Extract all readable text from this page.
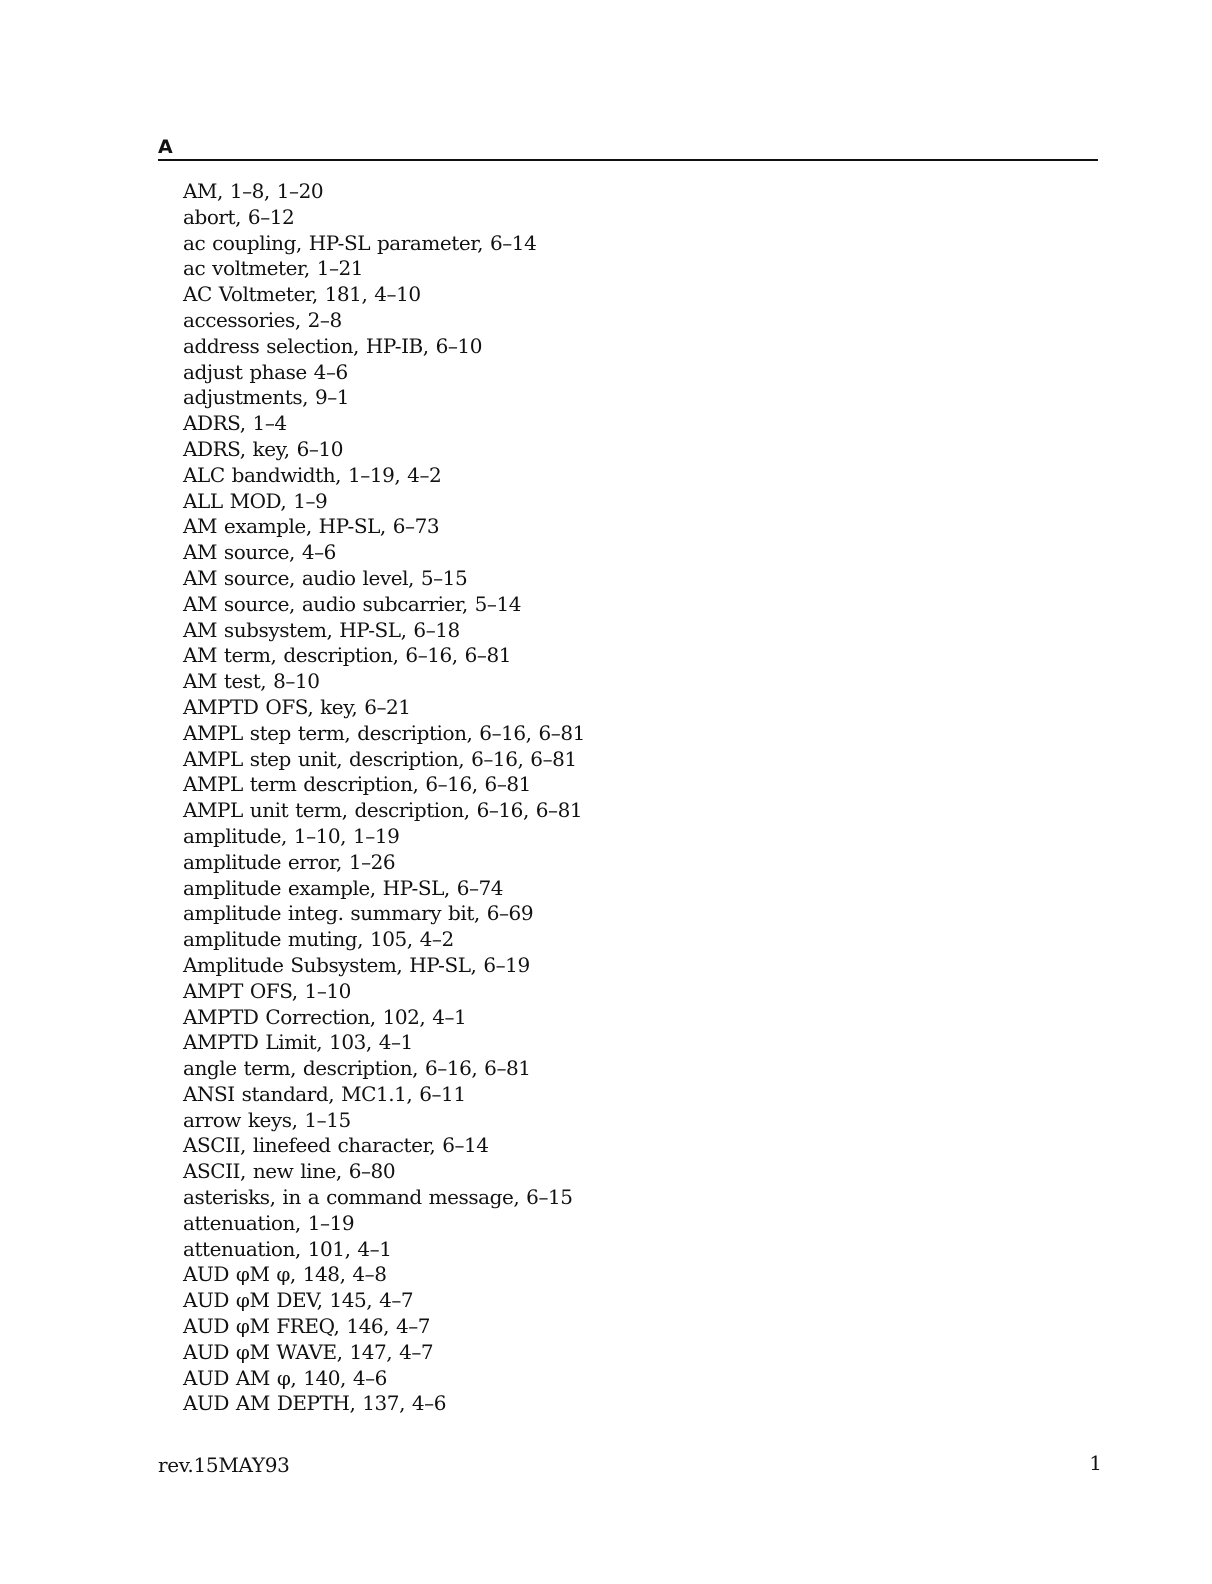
A
AM, 1–8, 1–20
abort, 6–12
ac coupling, HP-SL parameter, 6–14
ac voltmeter, 1–21
AC Voltmeter, 181, 4–10
accessories, 2–8
address selection, HP-IB, 6–10
adjust phase 4–6
adjustments, 9–1
ADRS, 1–4
ADRS, key, 6–10
ALC bandwidth, 1–19, 4–2
ALL MOD, 1–9
AM example, HP-SL, 6–73
AM source, 4–6
AM source, audio level, 5–15
AM source, audio subcarrier, 5–14
AM subsystem, HP-SL, 6–18
AM term, description, 6–16, 6–81
AM test, 8–10
AMPTD OFS, key, 6–21
AMPL step term, description, 6–16, 6–81
AMPL step unit, description, 6–16, 6–81
AMPL term description, 6–16, 6–81
AMPL unit term, description, 6–16, 6–81
amplitude, 1–10, 1–19
amplitude error, 1–26
amplitude example, HP-SL, 6–74
amplitude integ. summary bit, 6–69
amplitude muting, 105, 4–2
Amplitude Subsystem, HP-SL, 6–19
AMPT OFS, 1–10
AMPTD Correction, 102, 4–1
AMPTD Limit, 103, 4–1
angle term, description, 6–16, 6–81
ANSI standard, MC1.1, 6–11
arrow keys, 1–15
ASCII, linefeed character, 6–14
ASCII, new line, 6–80
asterisks, in a command message, 6–15
attenuation, 1–19
attenuation, 101, 4–1
AUD φM φ, 148, 4–8
AUD φM DEV, 145, 4–7
AUD φM FREQ, 146, 4–7
AUD φM WAVE, 147, 4–7
AUD AM φ, 140, 4–6
AUD AM DEPTH, 137, 4–6
rev.15MAY93	1
